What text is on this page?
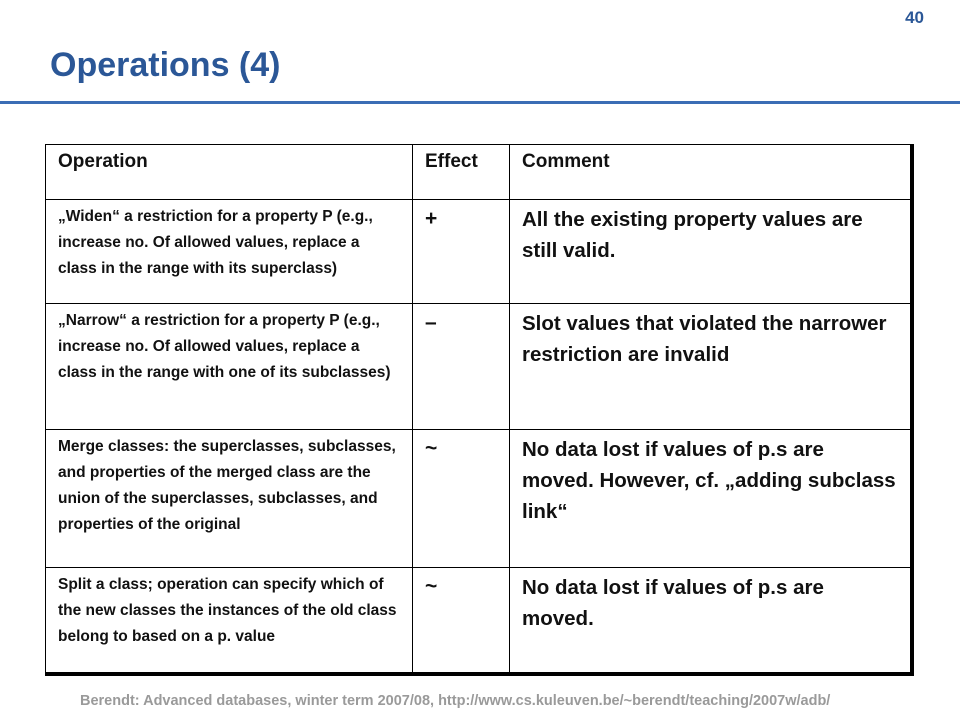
40
Operations (4)
Operation	Effect	Comment
„Widen“ a restriction for a property P (e.g., increase no. Of allowed values, replace a class in the range with its superclass)	+	All the existing property values are still valid.
„Narrow“ a restriction for a property P (e.g., increase no. Of allowed values, replace a class in the range with one of its subclasses)	–	Slot values that violated the narrower restriction are invalid
Merge classes: the superclasses, subclasses, and properties of the merged class are the union of the superclasses, subclasses, and properties of the original	~	No data lost if values of p.s are moved. However, cf. „adding subclass link“
Split a class; operation can specify which of the new classes the instances of the old class belong to based on a p. value	~	No data lost if values of p.s are moved.
Berendt: Advanced databases, winter term 2007/08, http://www.cs.kuleuven.be/~berendt/teaching/2007w/adb/
